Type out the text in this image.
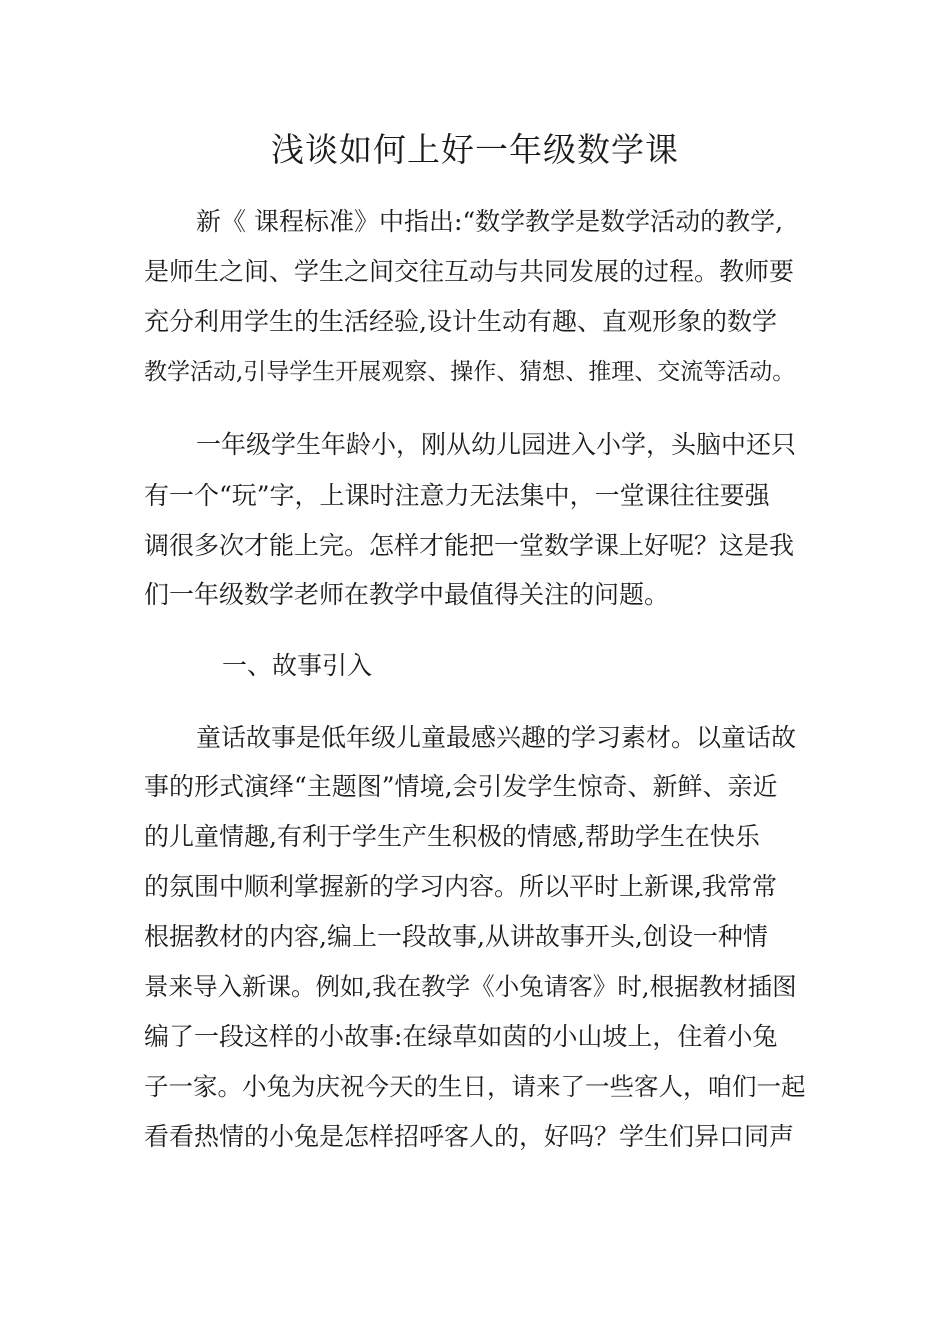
浅谈如何上好一年级数学课
新《 课程标准》中指出:“数学教学是数学活动的教学,
是师生之间、学生之间交往互动与共同发展的过程。教师要
充分利用学生的生活经验,设计生动有趣、直观形象的数学
教学活动,引导学生开展观察、操作、猜想、推理、交流等活动。
一年级学生年龄小，刚从幼儿园进入小学，头脑中还只
有一个“玩”字，上课时注意力无法集中，一堂课往往要强
调很多次才能上完。怎样才能把一堂数学课上好呢？这是我
们一年级数学老师在教学中最值得关注的问题。
一、故事引入
童话故事是低年级儿童最感兴趣的学习素材。以童话故
事的形式演绎“主题图”情境,会引发学生惊奇、新鲜、亲近
的儿童情趣,有利于学生产生积极的情感,帮助学生在快乐
的氛围中顺利掌握新的学习内容。所以平时上新课,我常常
根据教材的内容,编上一段故事,从讲故事开头,创设一种情
景来导入新课。例如,我在教学《小兔请客》时,根据教材插图
编了一段这样的小故事:在绿草如茵的小山坡上，住着小兔
子一家。小兔为庆祝今天的生日，请来了一些客人，咱们一起
看看热情的小兔是怎样招呼客人的，好吗？学生们异口同声
